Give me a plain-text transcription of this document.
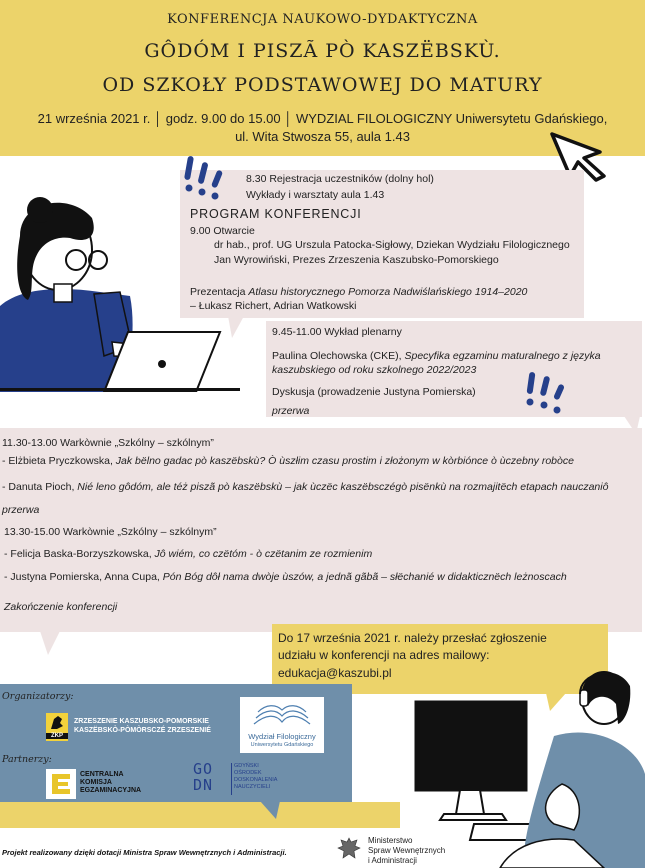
KONFERENCJA NAUKOWO-DYDAKTYCZNA
GÔDÓM I PISZÃ PÒ KASZËBSKÙ.
OD SZKOŁY PODSTAWOWEJ DO MATURY
21 września 2021 r. │ godz. 9.00 do 15.00 │ WYDZIAL FILOLOGICZNY Uniwersytetu Gdańskiego,
ul. Wita Stwosza 55, aula 1.43
8.30 Rejestracja uczestników (dolny hol)
Wykłady i warsztaty aula 1.43
PROGRAM KONFERENCJI
9.00 Otwarcie
dr hab., prof. UG Urszula Patocka-Sigłowy, Dziekan Wydziału Filologicznego
Jan Wyrowiński, Prezes Zrzeszenia Kaszubsko-Pomorskiego
Prezentacja Atlasu historycznego Pomorza Nadwiślańskiego 1914–2020
– Łukasz Richert, Adrian Watkowski
9.45-11.00 Wykład plenarny
Paulina Olechowska (CKE), Specyfika egzaminu maturalnego z języka
kaszubskiego od roku szkolnego 2022/2023
Dyskusja (prowadzenie Justyna Pomierska)
przerwa
11.30-13.00 Warkòwnie „Szkólny – szkólnym”
- Elżbieta Pryczkowska, Jak bëlno gadac pò kaszëbskù? Ò ùszłim czasu prostim i złożonym w kòrbiónce ò ùczebny robòce
- Danuta Pioch, Nié leno gôdóm, ale téż piszã pò kaszëbskù – jak ùczëc kaszëbsczégò pisënkù na rozmajitëch etapach nauczaniô
przerwa
13.30-15.00 Warkòwnie „Szkólny – szkólnym”
- Felicja Baska-Borzyszkowska, Jô wiém, co czëtóm - ò czëtanim ze rozmienim
- Justyna Pomierska, Anna Cupa, Pón Bóg dôł nama dwòje ùszów, a jednã gãbã – słëchanié w didakticznëch leżnoscach
Zakończenie konferencji
Do 17 września 2021 r. należy przesłać zgłoszenie
udziału w konferencji na adres mailowy:
edukacja@kaszubi.pl
Organizatorzy:
ZKP
ZRZESZENIE KASZUBSKO-POMORSKIE
KASZËBSKÒ-PÒMÒRSCZÉ ZRZESZENIÉ
Wydział Filologiczny
Uniwersytetu Gdańskiego
Partnerzy:
CENTRALNA
KOMISJA
EGZAMINACYJNA
GO DN
GDYŃSKI
OŚRODEK
DOSKONALENIA
NAUCZYCIELI
Projekt realizowany dzięki dotacji Ministra Spraw Wewnętrznych i Administracji.
Ministerstwo
Spraw Wewnętrznych
i Administracji
